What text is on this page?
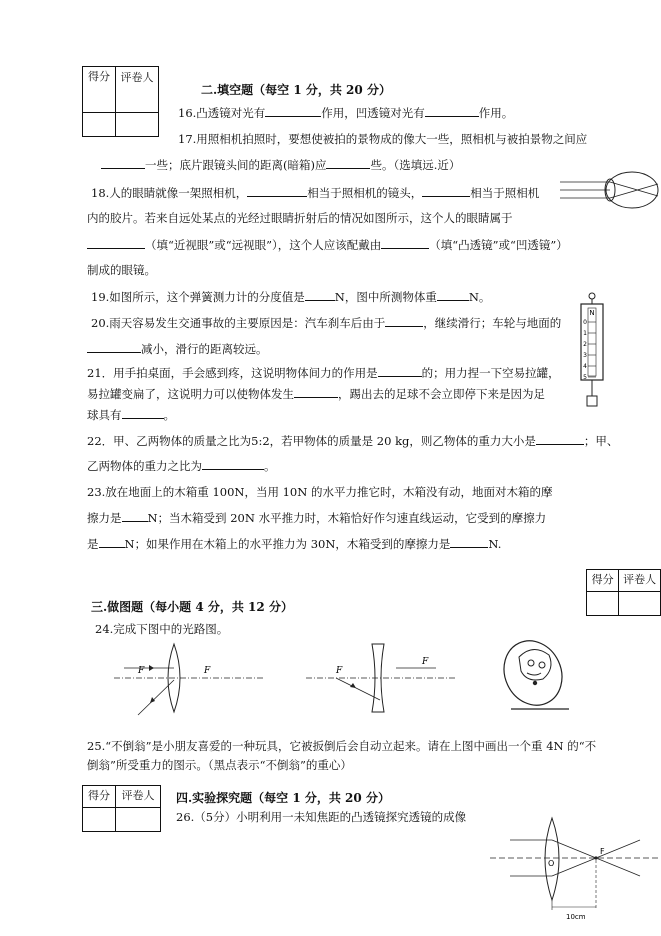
得分	评卷人

二.填空题（每空 1 分，共 20 分）
16.凸透镜对光有	作用，凹透镜对光有	作用。
17.用照相机拍照时，要想使被拍的景物成的像大一些，照相机与被拍景物之间应
一些；底片跟镜头间的距离(暗箱)应	些。（选填远.近）
18.人的眼睛就像一架照相机，	相当于照相机的镜头，	相当于照相机
内的胶片。若来自远处某点的光经过眼睛折射后的情况如图所示，这个人的眼睛属于
（填“近视眼”或“远视眼”），这个人应该配戴由	（填“凸透镜”或“凹透镜”）
制成的眼镜。
19.如图所示，这个弹簧测力计的分度值是	N，图中所测物体重	N。
N
0
1
2
3
4
5
20.雨天容易发生交通事故的主要原因是：汽车刹车后由于	，继续滑行；车轮与地面的
减小，滑行的距离较远。
21．用手拍桌面，手会感到疼，这说明物体间力的作用是	的；用力捏一下空易拉罐，
易拉罐变扁了，这说明力可以使物体发生	，踢出去的足球不会立即停下来是因为足
球具有	。
22．甲、乙两物体的质量之比为5:2，若甲物体的质量是 20 kg，则乙物体的重力大小是	；甲、
乙两物体的重力之比为	。
23.放在地面上的木箱重 100N，当用 10N 的水平力推它时，木箱没有动，地面对木箱的摩
擦力是 N；当木箱受到 20N 水平推力时，木箱恰好作匀速直线运动，它受到的摩擦力
是 N；如果作用在木箱上的水平推力为 30N，木箱受到的摩擦力是	N.
得分	评卷人

三.做图题（每小题 4 分，共 12 分）
24.完成下图中的光路图。
F	F	F
F
25.“不倒翁”是小朋友喜爱的一种玩具，它被扳倒后会自动立起来。请在上图中画出一个重 4N 的“不
倒翁”所受重力的图示。（黑点表示“不倒翁”的重心）
得分	评卷人
	四.实验探究题（每空 1 分，共 20 分）
26.（5分）小明利用一未知焦距的凸透镜探究透镜的成像
O
F
10cm
